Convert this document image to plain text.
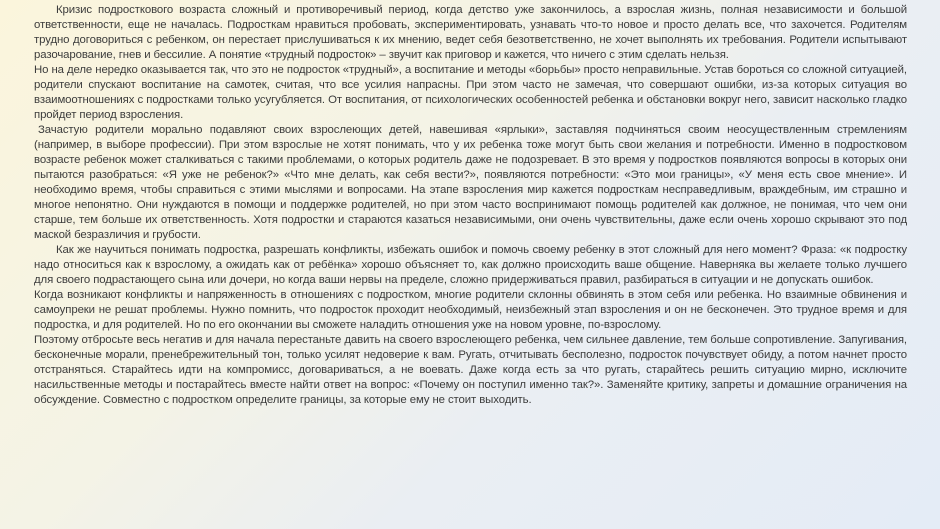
Кризис подросткового возраста сложный и противоречивый период, когда детство уже закончилось, а взрослая жизнь, полная независимости и большой ответственности, еще не началась. Подросткам нравиться пробовать, экспериментировать, узнавать что-то новое и просто делать все, что захочется. Родителям трудно договориться с ребенком, он перестает прислушиваться к их мнению, ведет себя безответственно, не хочет выполнять их требования. Родители испытывают разочарование, гнев и бессилие. А понятие «трудный подросток» – звучит как приговор и кажется, что ничего с этим сделать нельзя.

Но на деле нередко оказывается так, что это не подросток «трудный», а воспитание и методы «борьбы» просто неправильные. Устав бороться со сложной ситуацией, родители спускают воспитание на самотек, считая, что все усилия напрасны. При этом часто не замечая, что совершают ошибки, из-за которых ситуация во взаимоотношениях с подростками только усугубляется. От воспитания, от психологических особенностей ребенка и обстановки вокруг него, зависит насколько гладко пройдет период взросления.

Зачастую родители морально подавляют своих взрослеющих детей, навешивая «ярлыки», заставляя подчиняться своим неосуществленным стремлениям (например, в выборе профессии). При этом взрослые не хотят понимать, что у их ребенка тоже могут быть свои желания и потребности. Именно в подростковом возрасте ребенок может сталкиваться с такими проблемами, о которых родитель даже не подозревает. В это время у подростков появляются вопросы в которых они пытаются разобраться: «Я уже не ребенок?» «Что мне делать, как себя вести?», появляются потребности: «Это мои границы», «У меня есть свое мнение». И необходимо время, чтобы справиться с этими мыслями и вопросами. На этапе взросления мир кажется подросткам несправедливым, враждебным, им страшно и многое непонятно. Они нуждаются в помощи и поддержке родителей, но при этом часто воспринимают помощь родителей как должное, не понимая, что чем они старше, тем больше их ответственность. Хотя подростки и стараются казаться независимыми, они очень чувствительны, даже если очень хорошо скрывают это под маской безразличия и грубости.

Как же научиться понимать подростка, разрешать конфликты, избежать ошибок и помочь своему ребенку в этот сложный для него момент? Фраза: «к подростку надо относиться как к взрослому, а ожидать как от ребёнка» хорошо объясняет то, как должно происходить ваше общение. Наверняка вы желаете только лучшего для своего подрастающего сына или дочери, но когда ваши нервы на пределе, сложно придерживаться правил, разбираться в ситуации и не допускать ошибок.

Когда возникают конфликты и напряженность в отношениях с подростком, многие родители склонны обвинять в этом себя или ребенка. Но взаимные обвинения и самоупреки не решат проблемы. Нужно помнить, что подросток проходит необходимый, неизбежный этап взросления и он не бесконечен. Это трудное время и для подростка, и для родителей. Но по его окончании вы сможете наладить отношения уже на новом уровне, по-взрослому.

Поэтому отбросьте весь негатив и для начала перестаньте давить на своего взрослеющего ребенка, чем сильнее давление, тем больше сопротивление. Запугивания, бесконечные морали, пренебрежительный тон, только усилят недоверие к вам. Ругать, отчитывать бесполезно, подросток почувствует обиду, а потом начнет просто отстраняться. Старайтесь идти на компромисс, договариваться, а не воевать. Даже когда есть за что ругать, старайтесь решить ситуацию мирно, исключите насильственные методы и постарайтесь вместе найти ответ на вопрос: «Почему он поступил именно так?». Заменяйте критику, запреты и домашние ограничения на обсуждение. Совместно с подростком определите границы, за которые ему не стоит выходить.
